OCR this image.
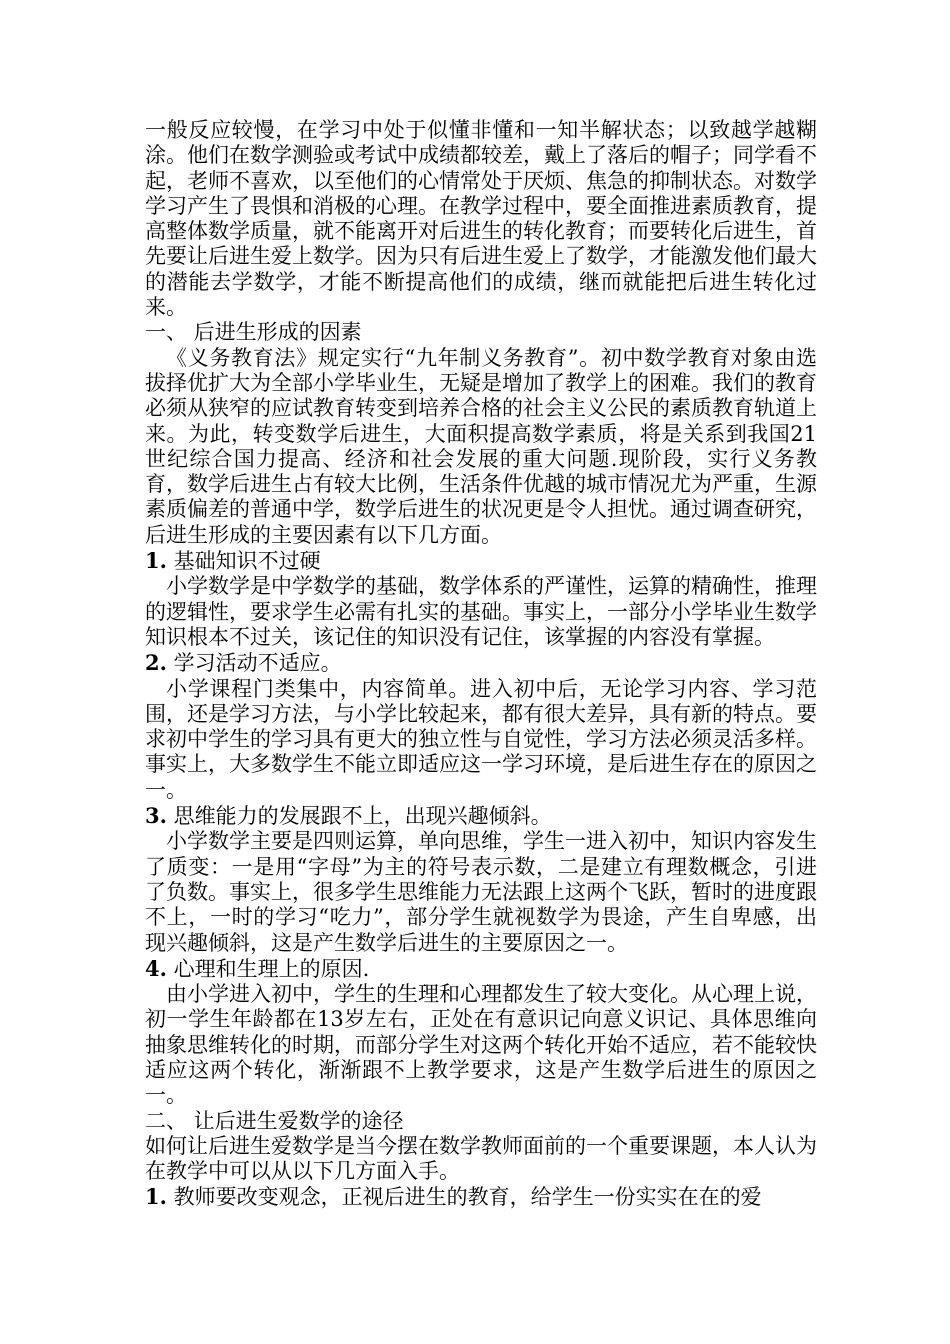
一般反应较慢，在学习中处于似懂非懂和一知半解状态；以致越学越糊涂。他们在数学测验或考试中成绩都较差，戴上了落后的帽子；同学看不起，老师不喜欢，以至他们的心情常处于厌烦、焦急的抑制状态。对数学学习产生了畏惧和消极的心理。在教学过程中，要全面推进素质教育，提高整体数学质量，就不能离开对后进生的转化教育；而要转化后进生，首先要让后进生爱上数学。因为只有后进生爱上了数学，才能激发他们最大的潜能去学数学，才能不断提高他们的成绩，继而就能把后进生转化过来。

一、 后进生形成的因素

《义务教育法》规定实行“九年制义务教育”。初中数学教育对象由选拔择优扩大为全部小学毕业生，无疑是增加了教学上的困难。我们的教育必须从狭窄的应试教育转变到培养合格的社会主义公民的素质教育轨道上来。为此，转变数学后进生，大面积提高数学素质，将是关系到我国21世纪综合国力提高、经济和社会发展的重大问题.现阶段，实行义务教育，数学后进生占有较大比例，生活条件优越的城市情况尤为严重，生源素质偏差的普通中学，数学后进生的状况更是令人担忧。通过调查研究，后进生形成的主要因素有以下几方面。

1. 基础知识不过硬

小学数学是中学数学的基础，数学体系的严谨性，运算的精确性，推理的逻辑性，要求学生必需有扎实的基础。事实上，一部分小学毕业生数学知识根本不过关，该记住的知识没有记住，该掌握的内容没有掌握。

2. 学习活动不适应。

小学课程门类集中，内容简单。进入初中后，无论学习内容、学习范围，还是学习方法，与小学比较起来，都有很大差异，具有新的特点。要求初中学生的学习具有更大的独立性与自觉性，学习方法必须灵活多样。事实上，大多数学生不能立即适应这一学习环境，是后进生存在的原因之一。

3. 思维能力的发展跟不上，出现兴趣倾斜。

小学数学主要是四则运算，单向思维，学生一进入初中，知识内容发生了质变：一是用“字母”为主的符号表示数，二是建立有理数概念，引进了负数。事实上，很多学生思维能力无法跟上这两个飞跃，暂时的进度跟不上，一时的学习“吃力”，部分学生就视数学为畏途，产生自卑感，出现兴趣倾斜，这是产生数学后进生的主要原因之一。

4. 心理和生理上的原因.

由小学进入初中，学生的生理和心理都发生了较大变化。从心理上说，初一学生年龄都在13岁左右，正处在有意识记向意义识记、具体思维向抽象思维转化的时期，而部分学生对这两个转化开始不适应，若不能较快适应这两个转化，渐渐跟不上教学要求，这是产生数学后进生的原因之一。

二、 让后进生爱数学的途径

如何让后进生爱数学是当今摆在数学教师面前的一个重要课题，本人认为在教学中可以从以下几方面入手。

1. 教师要改变观念，正视后进生的教育，给学生一份实实在在的爱
